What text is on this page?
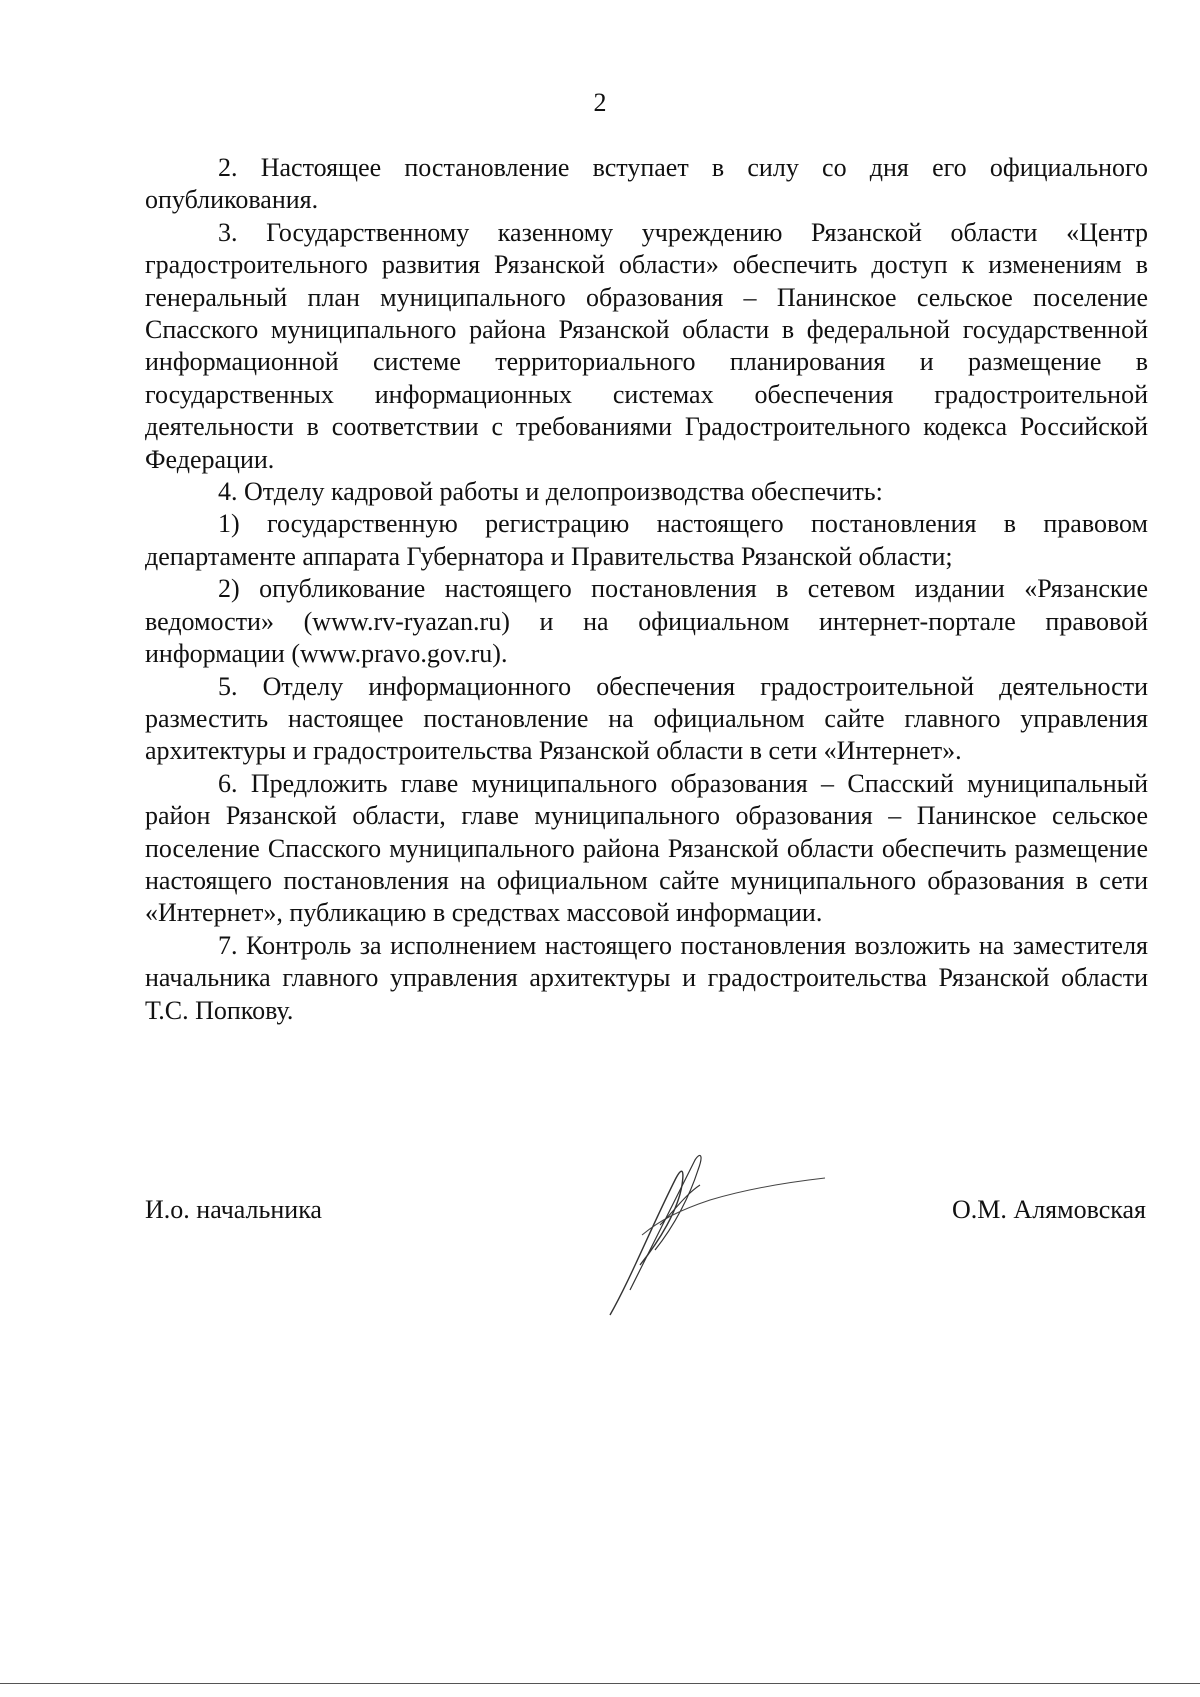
2

2. Настоящее постановление вступает в силу со дня его официального опубликования.

3. Государственному казенному учреждению Рязанской области «Центр градостроительного развития Рязанской области» обеспечить доступ к изменениям в генеральный план муниципального образования – Панинское сельское поселение Спасского муниципального района Рязанской области в федеральной государственной информационной системе территориального планирования и размещение в государственных информационных системах обеспечения градостроительной деятельности в соответствии с требованиями Градостроительного кодекса Российской Федерации.

4. Отделу кадровой работы и делопроизводства обеспечить:

1) государственную регистрацию настоящего постановления в правовом департаменте аппарата Губернатора и Правительства Рязанской области;

2) опубликование настоящего постановления в сетевом издании «Рязанские ведомости» (www.rv-ryazan.ru) и на официальном интернет-портале правовой информации (www.pravo.gov.ru).

5. Отделу информационного обеспечения градостроительной деятельности разместить настоящее постановление на официальном сайте главного управления архитектуры и градостроительства Рязанской области в сети «Интернет».

6. Предложить главе муниципального образования – Спасский муниципальный район Рязанской области, главе муниципального образования – Панинское сельское поселение Спасского муниципального района Рязанской области обеспечить размещение настоящего постановления на официальном сайте муниципального образования в сети «Интернет», публикацию в средствах массовой информации.

7. Контроль за исполнением настоящего постановления возложить на заместителя начальника главного управления архитектуры и градостроительства Рязанской области Т.С. Попкову.

И.о. начальника	О.М. Алямовская
